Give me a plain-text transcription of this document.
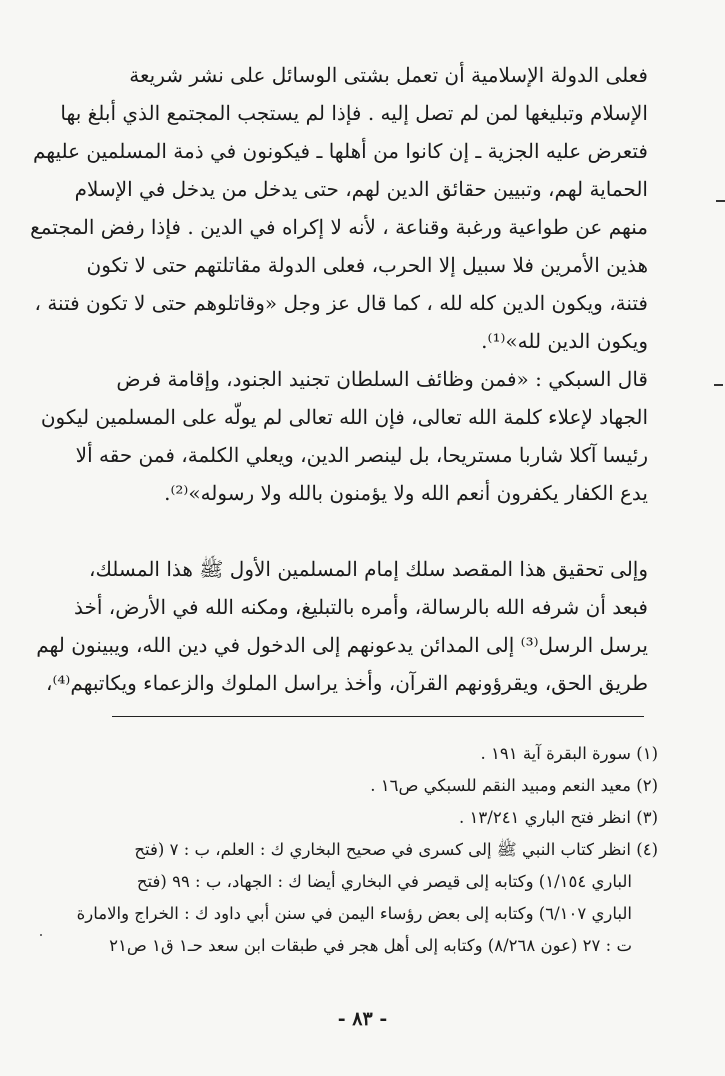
فعلى الدولة الإسلامية أن تعمل بشتى الوسائل على نشر شريعة
الإسلام وتبليغها لمن لم تصل إليه . فإذا لم يستجب المجتمع الذي أبلغ بها
فتعرض عليه الجزية ـ إن كانوا من أهلها ـ فيكونون في ذمة المسلمين عليهم
الحماية لهم، وتبيين حقائق الدين لهم، حتى يدخل من يدخل في الإسلام
منهم عن طواعية ورغبة وقناعة ، لأنه لا إكراه في الدين . فإذا رفض المجتمع
هذين الأمرين فلا سبيل إلا الحرب، فعلى الدولة مقاتلتهم حتى لا تكون
فتنة، ويكون الدين كله لله ، كما قال عز وجل «وقاتلوهم حتى لا تكون فتنة ،
ويكون الدين لله»⁽¹⁾.
قال السبكي : «فمن وظائف السلطان تجنيد الجنود، وإقامة فرض
الجهاد لإعلاء كلمة الله تعالى، فإن الله تعالى لم يولّه على المسلمين ليكون
رئيسا آكلا شاربا مستريحا، بل لينصر الدين، ويعلي الكلمة، فمن حقه ألا
يدع الكفار يكفرون أنعم الله ولا يؤمنون بالله ولا رسوله»⁽²⁾.
وإلى تحقيق هذا المقصد سلك إمام المسلمين الأول ﷺ هذا المسلك،
فبعد أن شرفه الله بالرسالة، وأمره بالتبليغ، ومكنه الله في الأرض، أخذ
يرسل الرسل⁽³⁾ إلى المدائن يدعونهم إلى الدخول في دين الله، ويبينون لهم
طريق الحق، ويقرؤونهم القرآن، وأخذ يراسل الملوك والزعماء ويكاتبهم⁽⁴⁾،
(١) سورة البقرة آية ١٩١ .
(٢) معيد النعم ومبيد النقم للسبكي ص١٦ .
(٣) انظر فتح الباري ١٣/٢٤١ .
(٤) انظر كتاب النبي ﷺ إلى كسرى في صحيح البخاري ك : العلم، ب : ٧ (فتح
الباري ١/١٥٤) وكتابه إلى قيصر في البخاري أيضا ك : الجهاد، ب : ٩٩ (فتح
الباري ٦/١٠٧) وكتابه إلى بعض رؤساء اليمن في سنن أبي داود ك : الخراج والامارة
ت : ٢٧ (عون ٨/٢٦٨) وكتابه إلى أهل هجر في طبقات ابن سعد حـ١ ق١ ص٢١
- ٨٣ -
